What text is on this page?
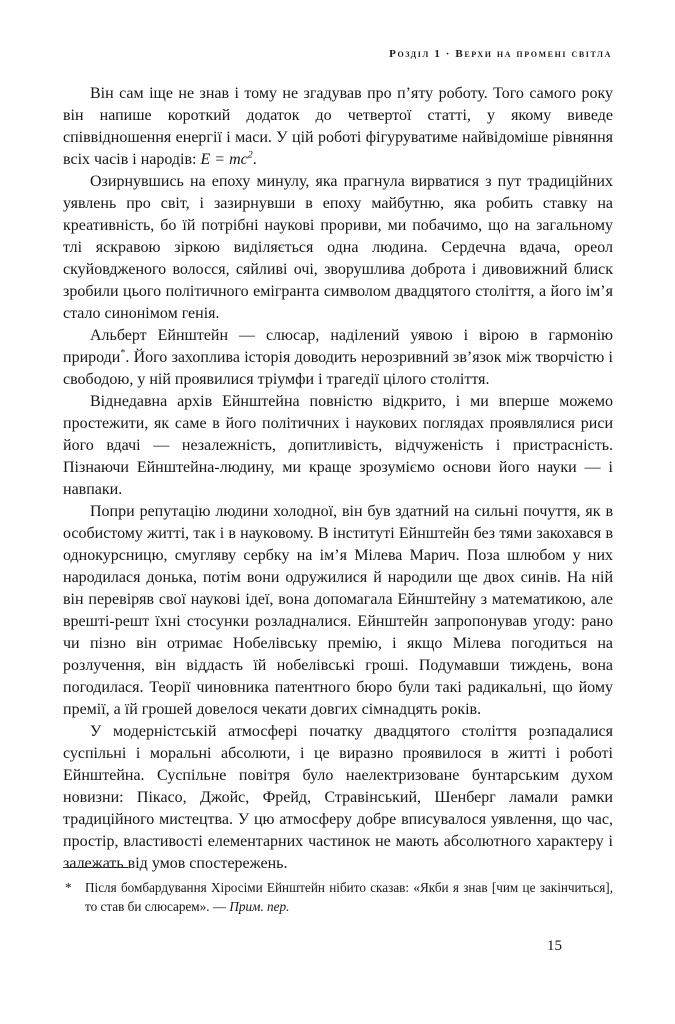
Розділ 1 · Верхи на промені світла

Він сам іще не знав і тому не згадував про п’яту роботу. Того самого року він напише короткий додаток до четвертої статті, у якому виведе співвідношення енергії і маси. У цій роботі фігуруватиме найвідоміше рівняння всіх часів і народів: $E = mc^2$.

Озирнувшись на епоху минулу, яка прагнула вирватися з пут традиційних уявлень про світ, і зазирнувши в епоху майбутню, яка робить ставку на креативність, бо їй потрібні наукові прориви, ми побачимо, що на загальному тлі яскравою зіркою виділяється одна людина. Сердечна вдача, ореол скуйовдженого волосся, сяйливі очі, зворушлива доброта і дивовижний блиск зробили цього політичного емігранта символом двадцятого століття, а його ім’я стало синонімом генія.

Альберт Ейнштейн — слюсар, наділений уявою і вірою в гармонію природи*. Його захоплива історія доводить нерозривний зв’язок між творчістю і свободою, у ній проявилися тріумфи і трагедії цілого століття.

Віднедавна архів Ейнштейна повністю відкрито, і ми вперше можемо простежити, як саме в його політичних і наукових поглядах проявлялися риси його вдачі — незалежність, допитливість, відчуженість і пристрасність. Пізнаючи Ейнштейна-людину, ми краще зрозуміємо основи його науки — і навпаки.

Попри репутацію людини холодної, він був здатний на сильні почуття, як в особистому житті, так і в науковому. В інституті Ейнштейн без тями закохався в однокурсницю, смугляву сербку на ім’я Мілева Марич. Поза шлюбом у них народилася донька, потім вони одружилися й народили ще двох синів. На ній він перевіряв свої наукові ідеї, вона допомагала Ейнштейну з математикою, але врешті-решт їхні стосунки розладналися. Ейнштейн запропонував угоду: рано чи пізно він отримає Нобелівську премію, і якщо Мілева погодиться на розлучення, він віддасть їй нобелівські гроші. Подумавши тиждень, вона погодилася. Теорії чиновника патентного бюро були такі радикальні, що йому премії, а їй грошей довелося чекати довгих сімнадцять років.

У модерністській атмосфері початку двадцятого століття розпадалися суспільні і моральні абсолюти, і це виразно проявилося в житті і роботі Ейнштейна. Суспільне повітря було наелектризоване бунтарським духом новизни: Пікасо, Джойс, Фрейд, Стравінський, Шенберг ламали рамки традиційного мистецтва. У цю атмосферу добре вписувалося уявлення, що час, простір, властивості елементарних частинок не мають абсолютного характеру і залежать від умов спостережень.

* Після бомбардування Хіросіми Ейнштейн нібито сказав: «Якби я знав [чим це закінчиться], то став би слюсарем». — Прим. пер.
15
